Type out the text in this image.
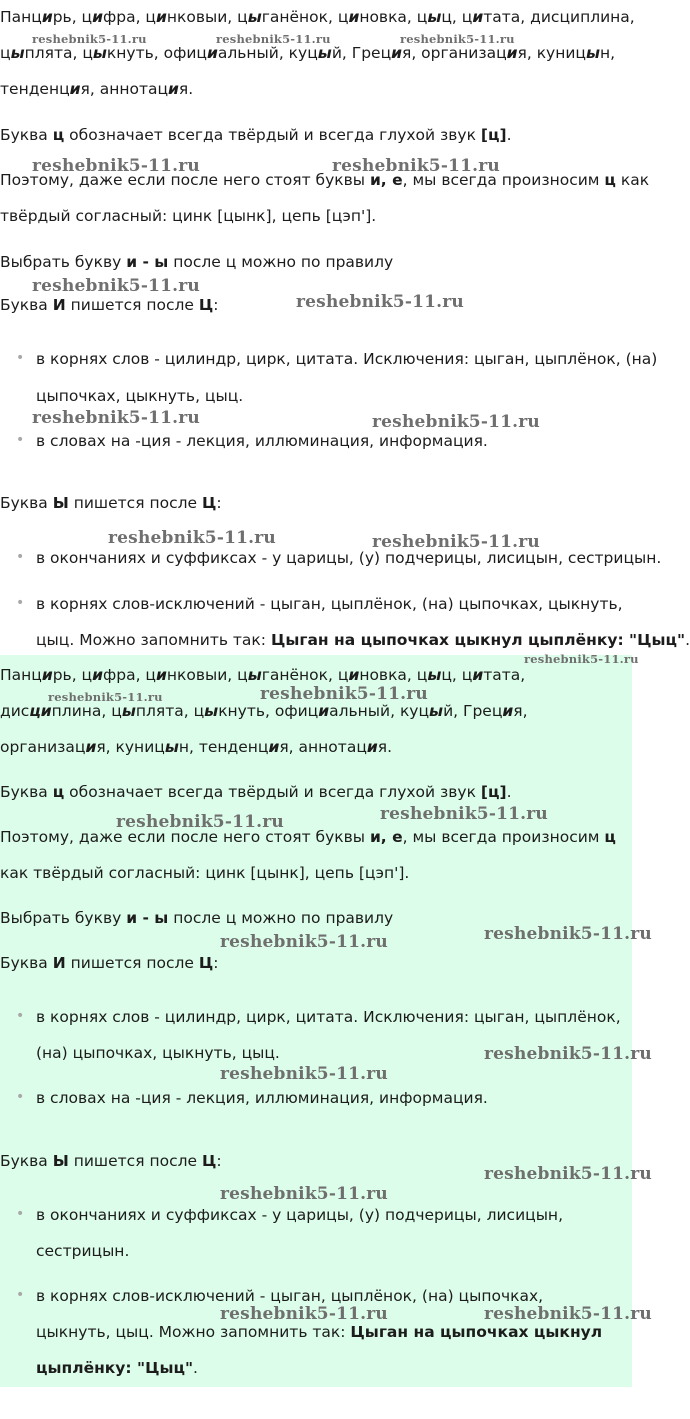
Панцирь, цифра, цинковыи, цыганёнок, циновка, цыц, цитата, дисциплина,
цыплята, цыкнуть, официальный, куцый, Греция, организация, куницын,
тенденция, аннотация.
Буква ц обозначает всегда твёрдый и всегда глухой звук [ц].
Поэтому, даже если после него стоят буквы и, е, мы всегда произносим ц как
твёрдый согласный: цинк [цынк], цепь [цэп'].
Выбрать букву и - ы после ц можно по правилу
Буква И пишется после Ц:
• в корнях слов - цилиндр, цирк, цитата. Исключения: цыган, цыплёнок, (на)
цыпочках, цыкнуть, цыц.
• в словах на -ция - лекция, иллюминация, информация.
Буква Ы пишется после Ц:
• в окончаниях и суффиксах - у царицы, (у) подчерицы, лисицын, сестрицын.
• в корнях слов-исключений - цыган, цыплёнок, (на) цыпочках, цыкнуть,
цыц. Можно запомнить так: Цыган на цыпочках цыкнул цыплёнку: "Цыц".
Панцирь, цифра, цинковыи, цыганёнок, циновка, цыц, цитата,
дисциплина, цыплята, цыкнуть, официальный, куцый, Греция,
организация, куницын, тенденция, аннотация.
Буква ц обозначает всегда твёрдый и всегда глухой звук [ц].
Поэтому, даже если после него стоят буквы и, е, мы всегда произносим ц
как твёрдый согласный: цинк [цынк], цепь [цэп'].
Выбрать букву и - ы после ц можно по правилу
Буква И пишется после Ц:
• в корнях слов - цилиндр, цирк, цитата. Исключения: цыган, цыплёнок,
(на) цыпочках, цыкнуть, цыц.
• в словах на -ция - лекция, иллюминация, информация.
Буква Ы пишется после Ц:
• в окончаниях и суффиксах - у царицы, (у) подчерицы, лисицын,
сестрицын.
• в корнях слов-исключений - цыган, цыплёнок, (на) цыпочках,
цыкнуть, цыц. Можно запомнить так: Цыган на цыпочках цыкнул
цыплёнку: "Цыц".
reshebnik5-11.ru	reshebnik5-11.ru	reshebnik5-11.ru
reshebnik5-11.ru	reshebnik5-11.ru
reshebnik5-11.ru
reshebnik5-11.ru
reshebnik5-11.ru	reshebnik5-11.ru
reshebnik5-11.ru	reshebnik5-11.ru
reshebnik5-11.ru
reshebnik5-11.ru	reshebnik5-11.ru
reshebnik5-11.ru
reshebnik5-11.ru
reshebnik5-11.ru
reshebnik5-11.ru
reshebnik5-11.ru
reshebnik5-11.ru
reshebnik5-11.ru
reshebnik5-11.ru
reshebnik5-11.ru	reshebnik5-11.ru
